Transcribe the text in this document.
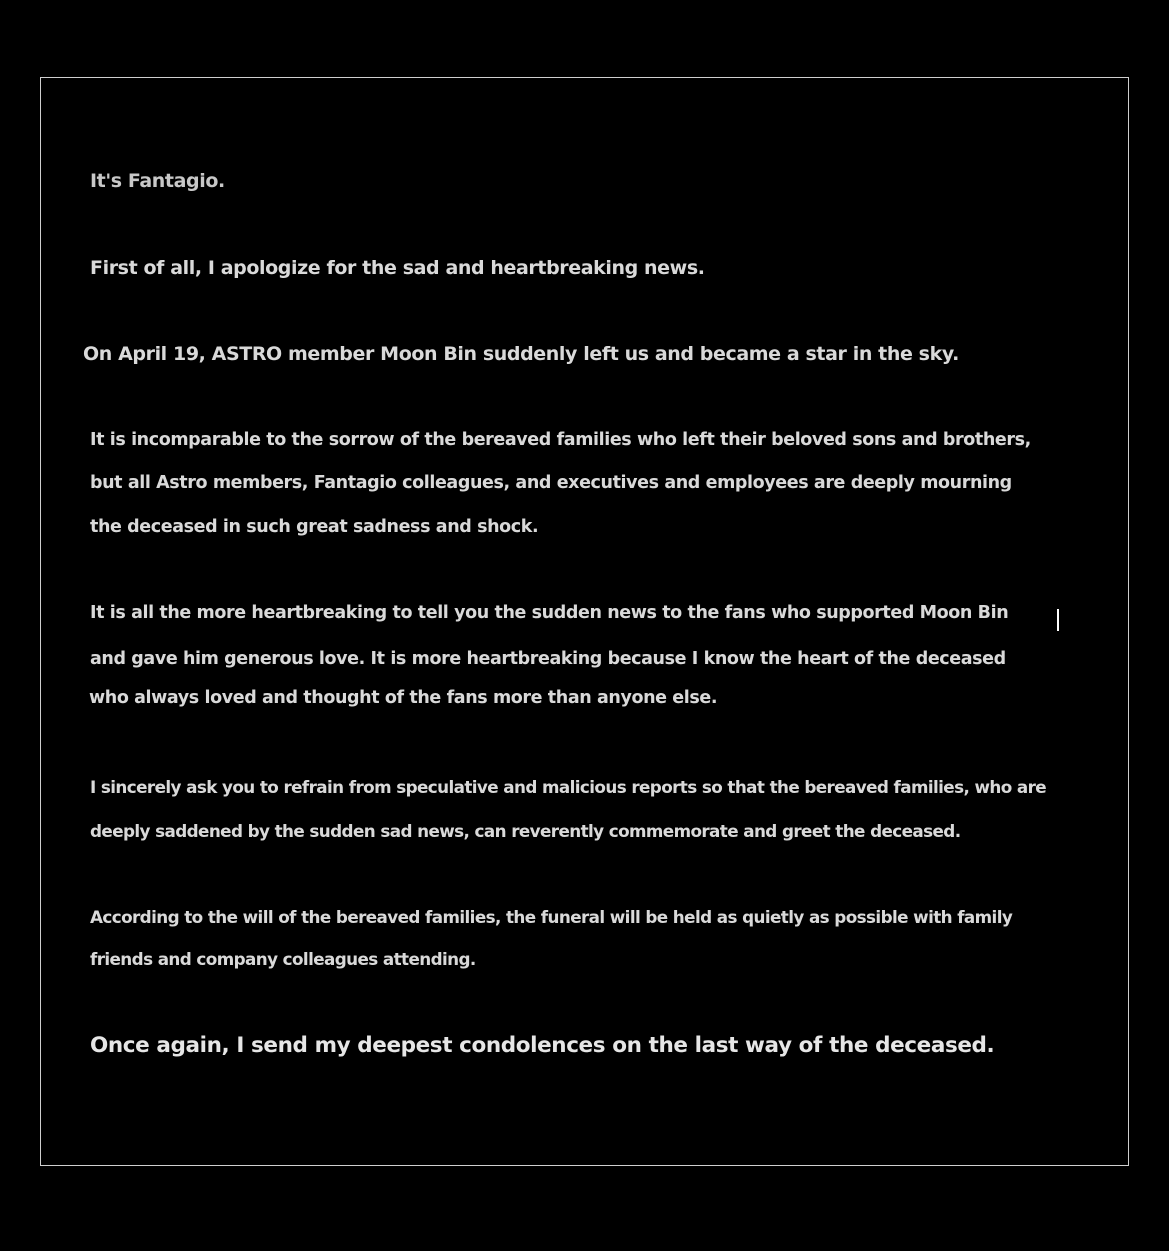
It's Fantagio.

First of all, I apologize for the sad and heartbreaking news.

On April 19, ASTRO member Moon Bin suddenly left us and became a star in the sky.

It is incomparable to the sorrow of the bereaved families who left their beloved sons and brothers,

but all Astro members, Fantagio colleagues, and executives and employees are deeply mourning

the deceased in such great sadness and shock.

It is all the more heartbreaking to tell you the sudden news to the fans who supported Moon Bin

and gave him generous love. It is more heartbreaking because I know the heart of the deceased

who always loved and thought of the fans more than anyone else.

I sincerely ask you to refrain from speculative and malicious reports so that the bereaved families, who are

deeply saddened by the sudden sad news, can reverently commemorate and greet the deceased.

According to the will of the bereaved families, the funeral will be held as quietly as possible with family

friends and company colleagues attending.

Once again, I send my deepest condolences on the last way of the deceased.
